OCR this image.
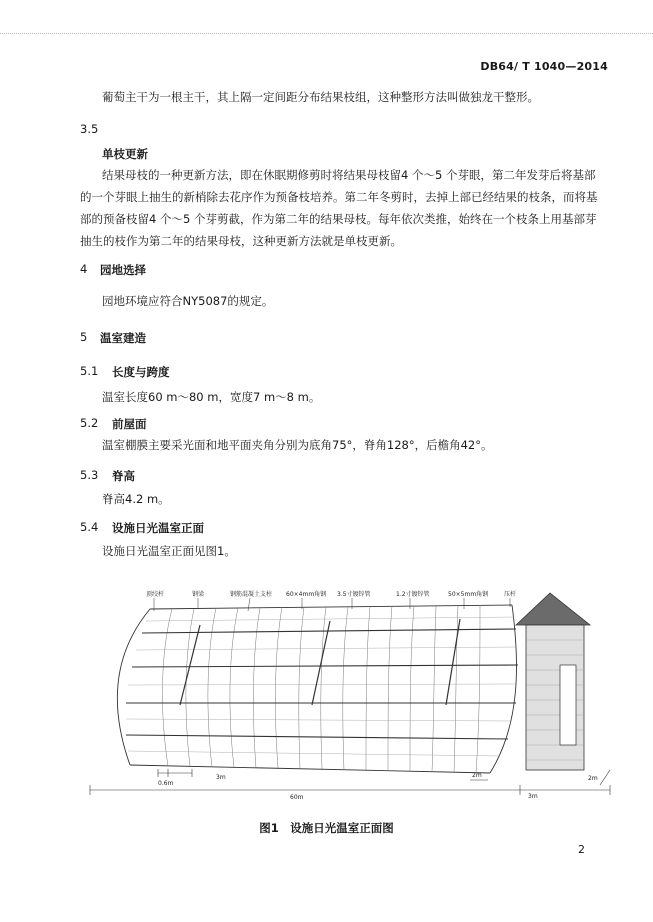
DB64/ T 1040—2014
葡萄主干为一根主干，其上隔一定间距分布结果枝组，这种整形方法叫做独龙干整形。
3.5
单枝更新
结果母枝的一种更新方法，即在休眠期修剪时将结果母枝留4 个～5 个芽眼，第二年发芽后将基部
的一个芽眼上抽生的新梢除去花序作为预备枝培养。第二年冬剪时，去掉上部已经结果的枝条，而将基
部的预备枝留4 个～5 个芽剪截，作为第二年的结果母枝。每年依次类推，始终在一个枝条上用基部芽
抽生的枝作为第二年的结果母枝，这种更新方法就是单枝更新。
4 园地选择
园地环境应符合NY5087的规定。
5 温室建造
5.1 长度与跨度
温室长度60 m～80 m，宽度7 m～8 m。
5.2 前屋面
温室棚膜主要采光面和地平面夹角分别为底角75°，脊角128°，后檐角42°。
5.3 脊高
脊高4.2 m。
5.4 设施日光温室正面
设施日光温室正面见图1。
顶绞杆	钢梁	钢筋混凝土支柱 60×4mm角钢 3.5寸镀锌管	1.2寸镀锌管	50×5mm角钢	压杆
0.6m
3m
60m
2m
3m
2m
图1　设施日光温室正面图
2
